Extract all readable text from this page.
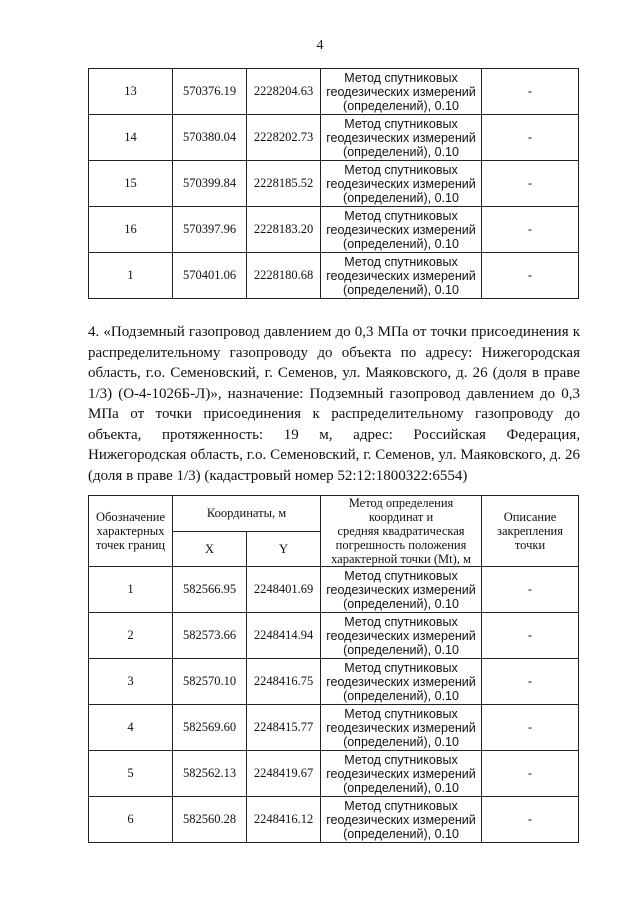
4
13	570376.19	2228204.63	Метод спутниковых
геодезических измерений
(определений), 0.10	-
14	570380.04	2228202.73	Метод спутниковых
геодезических измерений
(определений), 0.10	-
15	570399.84	2228185.52	Метод спутниковых
геодезических измерений
(определений), 0.10	-
16	570397.96	2228183.20	Метод спутниковых
геодезических измерений
(определений), 0.10	-
1	570401.06	2228180.68	Метод спутниковых
геодезических измерений
(определений), 0.10	-
4. «Подземный газопровод давлением до 0,3 МПа от точки присоединения к распределительному газопроводу до объекта по адресу: Нижегородская область, г.о. Семеновский, г. Семенов, ул. Маяковского, д. 26 (доля в праве 1/3) (О-4-1026Б-Л)», назначение: Подземный газопровод давлением до 0,3 МПа от точки присоединения к распределительному газопроводу до объекта, протяженность: 19 м, адрес: Российская Федерация, Нижегородская область, г.о. Семеновский, г. Семенов, ул. Маяковского, д. 26 (доля в праве 1/3) (кадастровый номер 52:12:1800322:6554)
Обозначение характерных точек границ	Координаты, м		Метод определения координат и
средняя квадратическая
погрешность положения
характерной точки (Mt), м	Описание закрепления точки
	X	Y		
1	582566.95	2248401.69	Метод спутниковых
геодезических измерений
(определений), 0.10	-
2	582573.66	2248414.94	Метод спутниковых
геодезических измерений
(определений), 0.10	-
3	582570.10	2248416.75	Метод спутниковых
геодезических измерений
(определений), 0.10	-
4	582569.60	2248415.77	Метод спутниковых
геодезических измерений
(определений), 0.10	-
5	582562.13	2248419.67	Метод спутниковых
геодезических измерений
(определений), 0.10	-
6	582560.28	2248416.12	Метод спутниковых
геодезических измерений
(определений), 0.10	-
